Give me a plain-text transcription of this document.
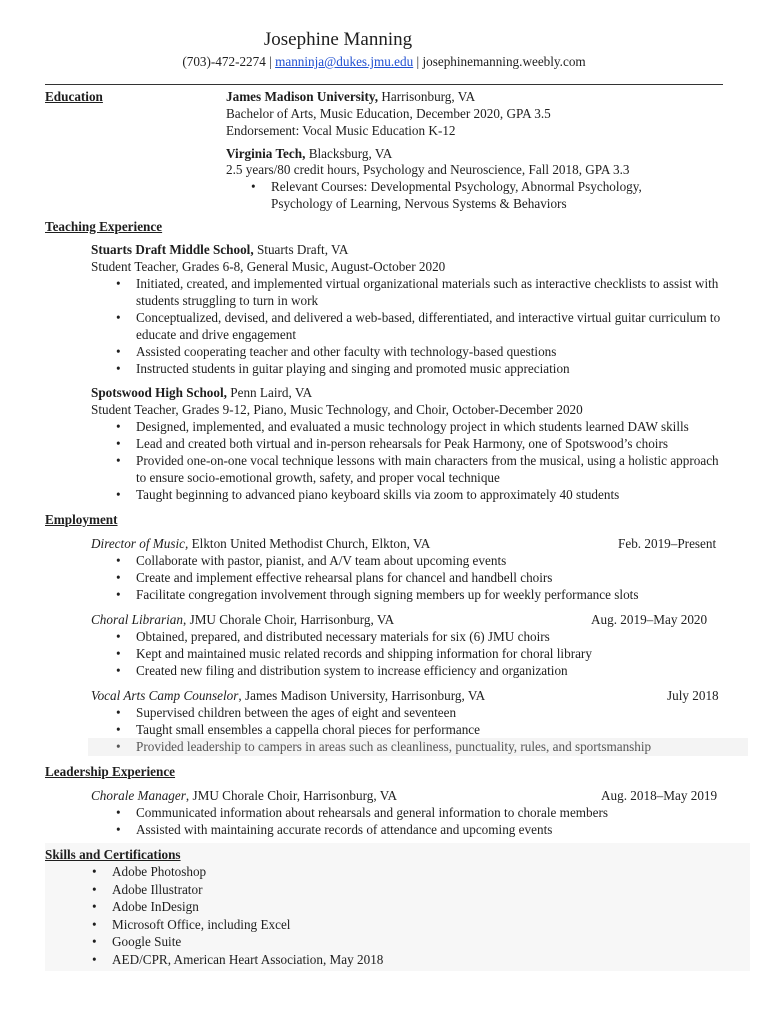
Josephine Manning
(703)-472-2274 | manninja@dukes.jmu.edu | josephinemanning.weebly.com
Education	James Madison University, Harrisonburg, VA
Bachelor of Arts, Music Education, December 2020, GPA 3.5
Endorsement: Vocal Music Education K-12
Virginia Tech, Blacksburg, VA
2.5 years/80 credit hours, Psychology and Neuroscience, Fall 2018, GPA 3.3
• Relevant Courses: Developmental Psychology, Abnormal Psychology,
Psychology of Learning, Nervous Systems & Behaviors
Teaching Experience
Stuarts Draft Middle School, Stuarts Draft, VA
Student Teacher, Grades 6-8, General Music, August-October 2020
• Initiated, created, and implemented virtual organizational materials such as interactive checklists to assist with students struggling to turn in work
• Conceptualized, devised, and delivered a web-based, differentiated, and interactive virtual guitar curriculum to educate and drive engagement
• Assisted cooperating teacher and other faculty with technology-based questions
• Instructed students in guitar playing and singing and promoted music appreciation
Spotswood High School, Penn Laird, VA
Student Teacher, Grades 9-12, Piano, Music Technology, and Choir, October-December 2020
• Designed, implemented, and evaluated a music technology project in which students learned DAW skills
• Lead and created both virtual and in-person rehearsals for Peak Harmony, one of Spotswood’s choirs
• Provided one-on-one vocal technique lessons with main characters from the musical, using a holistic approach to ensure socio-emotional growth, safety, and proper vocal technique
• Taught beginning to advanced piano keyboard skills via zoom to approximately 40 students
Employment
Director of Music, Elkton United Methodist Church, Elkton, VA	Feb. 2019–Present
• Collaborate with pastor, pianist, and A/V team about upcoming events
• Create and implement effective rehearsal plans for chancel and handbell choirs
• Facilitate congregation involvement through signing members up for weekly performance slots
Choral Librarian, JMU Chorale Choir, Harrisonburg, VA	Aug. 2019–May 2020
• Obtained, prepared, and distributed necessary materials for six (6) JMU choirs
• Kept and maintained music related records and shipping information for choral library
• Created new filing and distribution system to increase efficiency and organization
Vocal Arts Camp Counselor, James Madison University, Harrisonburg, VA	July 2018
• Supervised children between the ages of eight and seventeen
• Taught small ensembles a cappella choral pieces for performance
• Provided leadership to campers in areas such as cleanliness, punctuality, rules, and sportsmanship
Leadership Experience
Chorale Manager, JMU Chorale Choir, Harrisonburg, VA	Aug. 2018–May 2019
• Communicated information about rehearsals and general information to chorale members
• Assisted with maintaining accurate records of attendance and upcoming events
Skills and Certifications
• Adobe Photoshop
• Adobe Illustrator
• Adobe InDesign
• Microsoft Office, including Excel
• Google Suite
• AED/CPR, American Heart Association, May 2018
